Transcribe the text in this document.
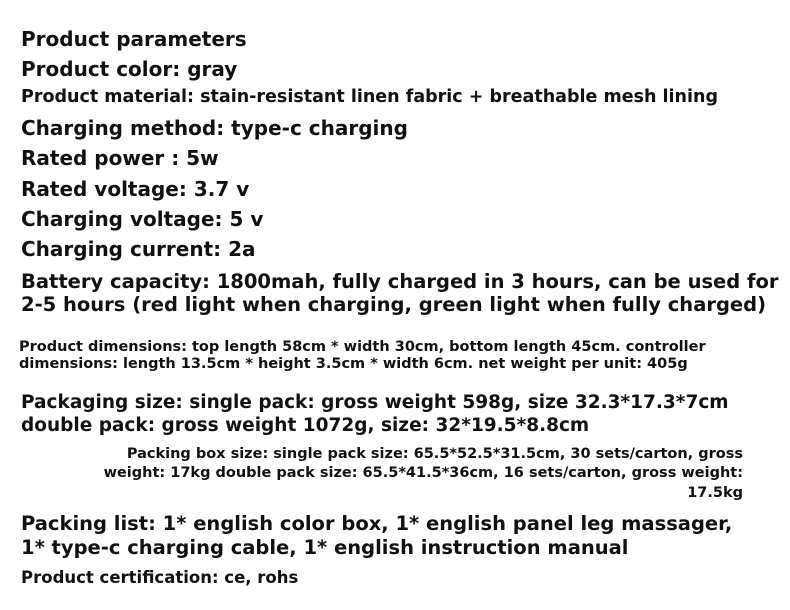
Product parameters
Product color: gray
Product material: stain-resistant linen fabric + breathable mesh lining
Charging method: type-c charging
Rated power : 5w
Rated voltage: 3.7 v
Charging voltage: 5 v
Charging current: 2a
Battery capacity: 1800mah, fully charged in 3 hours, can be used for
2-5 hours (red light when charging, green light when fully charged)
Product dimensions: top length 58cm * width 30cm, bottom length 45cm. controller
dimensions: length 13.5cm * height 3.5cm * width 6cm. net weight per unit: 405g
Packaging size: single pack: gross weight 598g, size 32.3*17.3*7cm
double pack: gross weight 1072g, size: 32*19.5*8.8cm
Packing box size: single pack size: 65.5*52.5*31.5cm, 30 sets/carton, gross
weight: 17kg double pack size: 65.5*41.5*36cm, 16 sets/carton, gross weight:
17.5kg
Packing list: 1* english color box, 1* english panel leg massager,
1* type-c charging cable, 1* english instruction manual
Product certification: ce, rohs
